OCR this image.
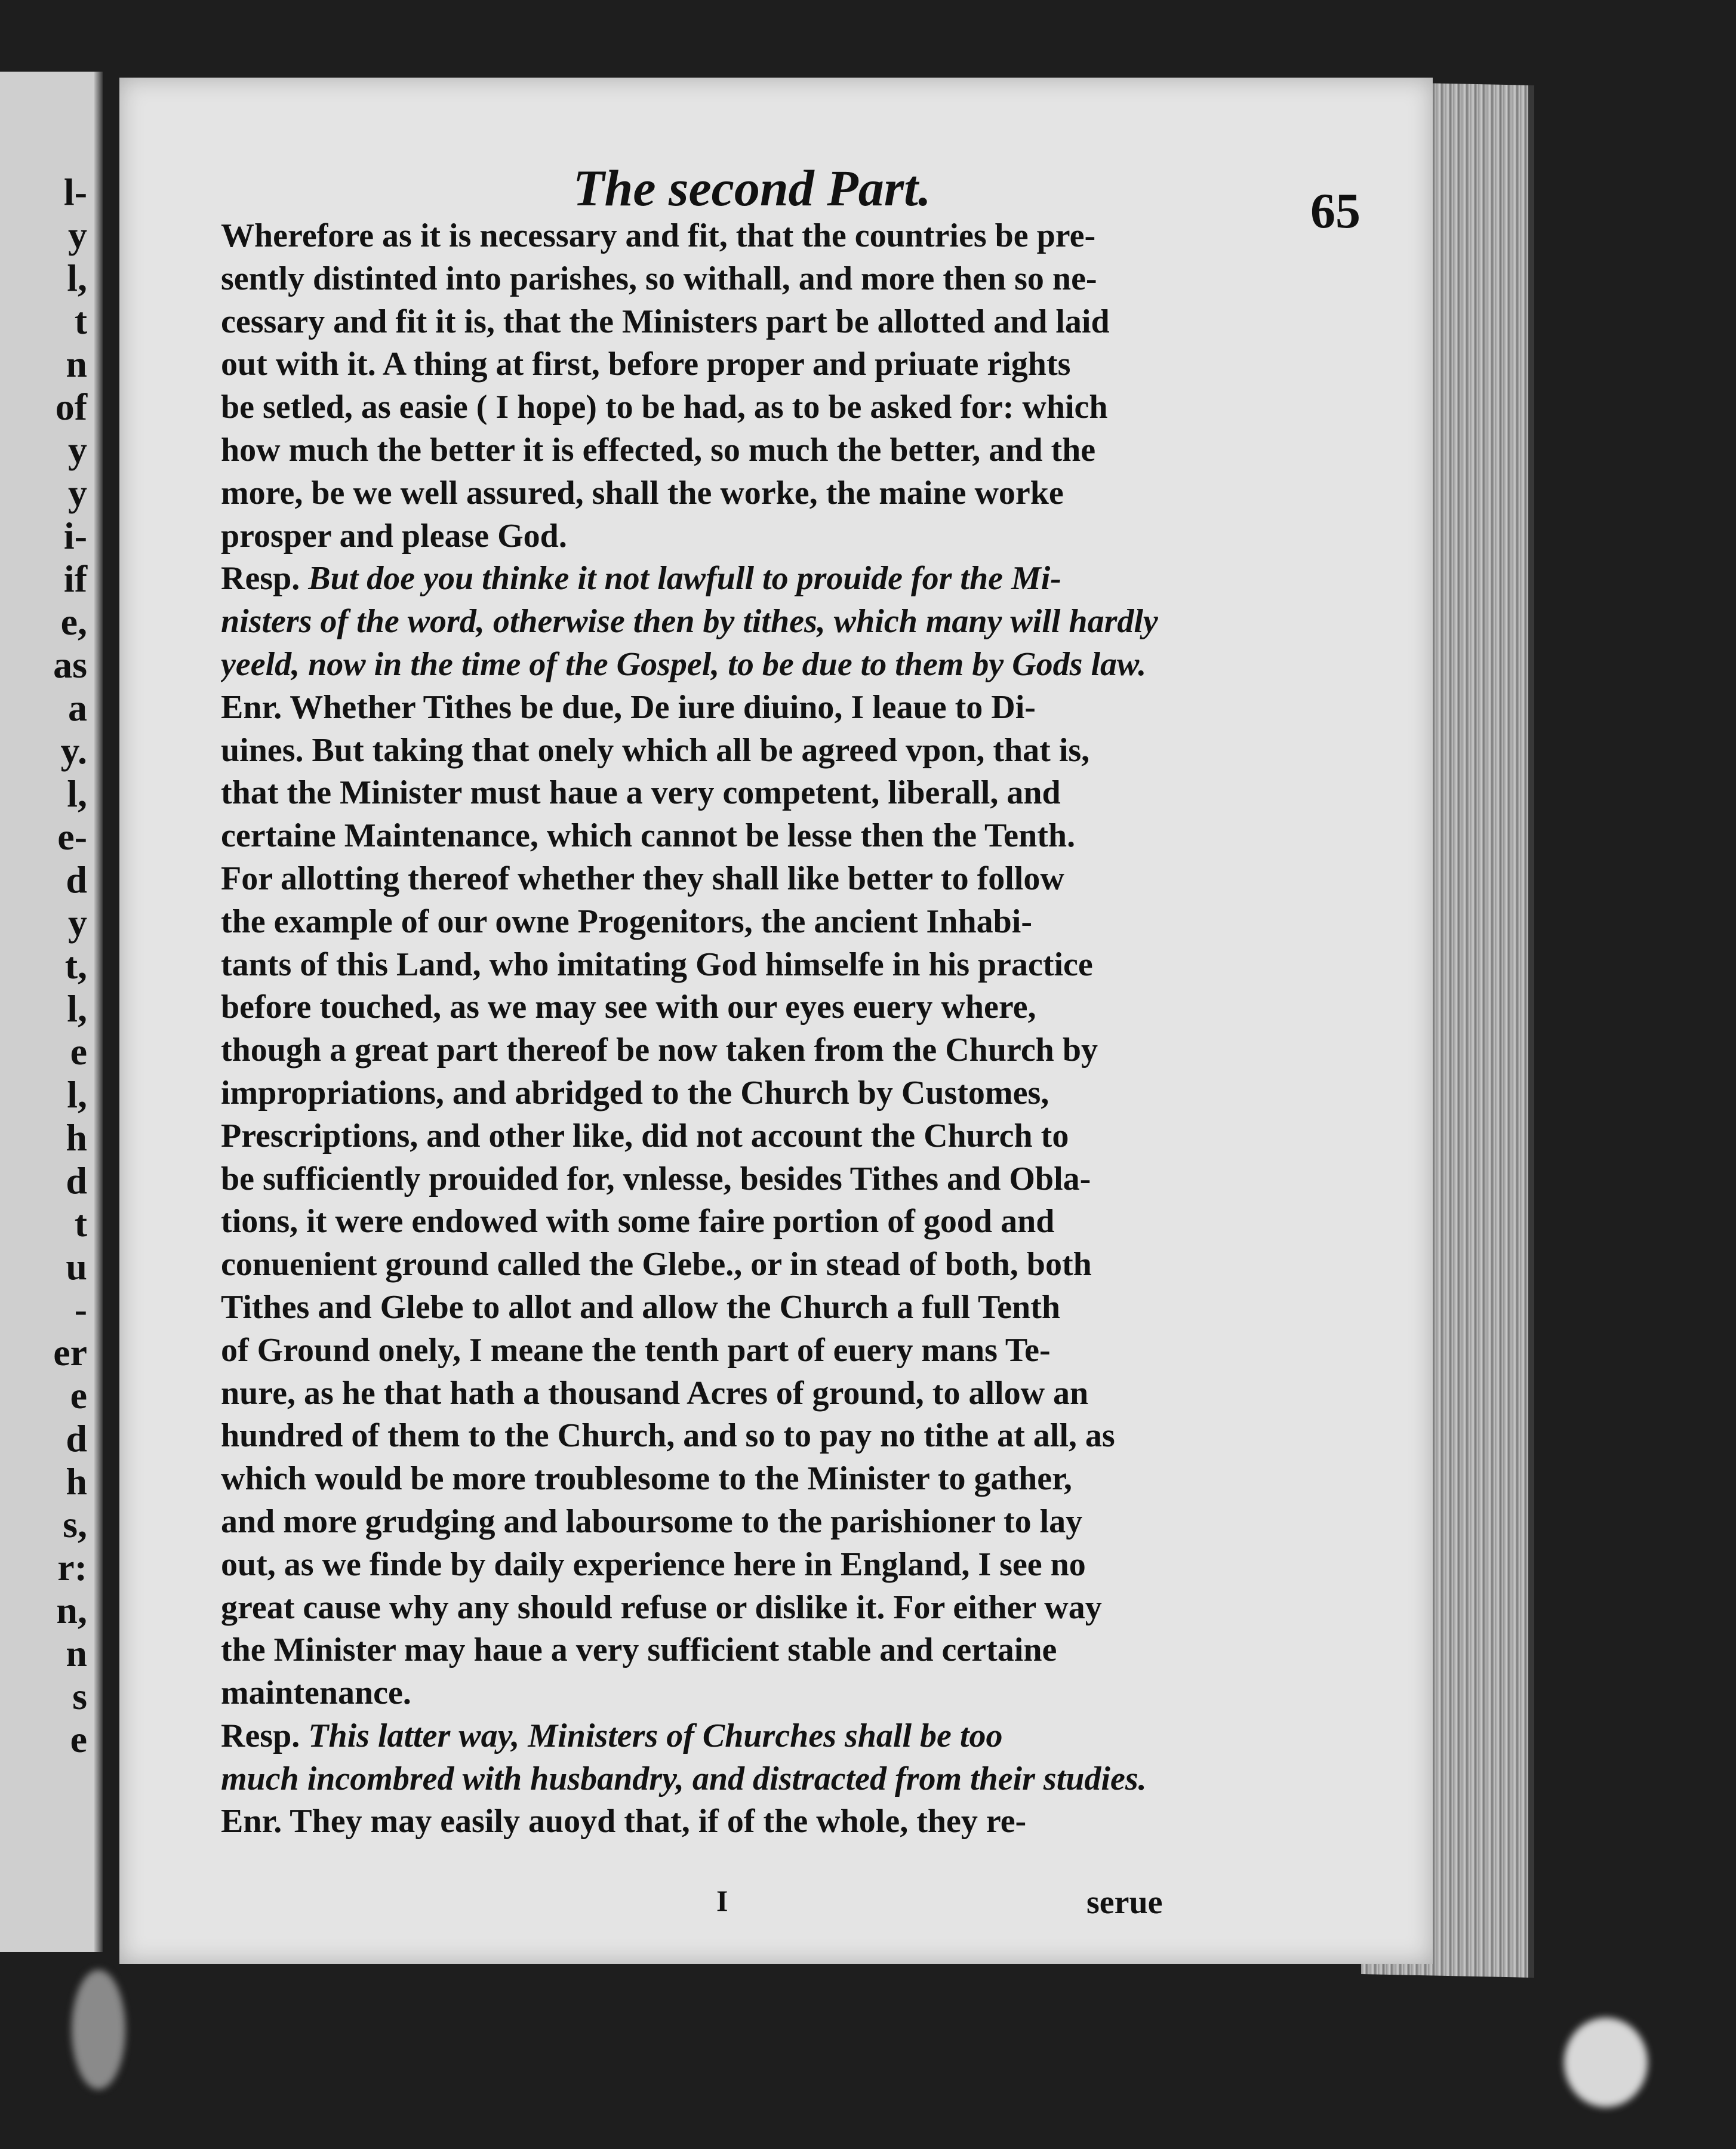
l-
y
l,
t
n
of
y
y
i-
if
e,
as
a
y.
l,
e-
d
y
t,
l,
e
l,
h
d
t
u
-
er
e
d
h
s,
r:
n,
n
s
e
The second Part.	65
Wherefore as it is necessary and fit, that the countries be pre-
sently distinted into parishes, so withall, and more then so ne-
cessary and fit it is, that the Ministers part be allotted and laid
out with it. A thing at first, before proper and priuate rights
be setled, as easie ( I hope) to be had, as to be asked for: which
how much the better it is effected, so much the better, and the
more, be we well assured, shall the worke, the maine worke
prosper and please God.
Resp. But doe you thinke it not lawfull to prouide for the Mi-
nisters of the word, otherwise then by tithes, which many will hardly
yeeld, now in the time of the Gospel, to be due to them by Gods law.
Enr. Whether Tithes be due, De iure diuino, I leaue to Di-
uines. But taking that onely which all be agreed vpon, that is,
that the Minister must haue a very competent, liberall, and
certaine Maintenance, which cannot be lesse then the Tenth.
For allotting thereof whether they shall like better to follow
the example of our owne Progenitors, the ancient Inhabi-
tants of this Land, who imitating God himselfe in his practice
before touched, as we may see with our eyes euery where,
though a great part thereof be now taken from the Church by
impropriations, and abridged to the Church by Customes,
Prescriptions, and other like, did not account the Church to
be sufficiently prouided for, vnlesse, besides Tithes and Obla-
tions, it were endowed with some faire portion of good and
conuenient ground called the Glebe., or in stead of both, both
Tithes and Glebe to allot and allow the Church a full Tenth
of Ground onely, I meane the tenth part of euery mans Te-
nure, as he that hath a thousand Acres of ground, to allow an
hundred of them to the Church, and so to pay no tithe at all, as
which would be more troublesome to the Minister to gather,
and more grudging and laboursome to the parishioner to lay
out, as we finde by daily experience here in England, I see no
great cause why any should refuse or dislike it. For either way
the Minister may haue a very sufficient stable and certaine
maintenance.
Resp. This latter way, Ministers of Churches shall be too
much incombred with husbandry, and distracted from their studies.
Enr. They may easily auoyd that, if of the whole, they re-
I	serue
